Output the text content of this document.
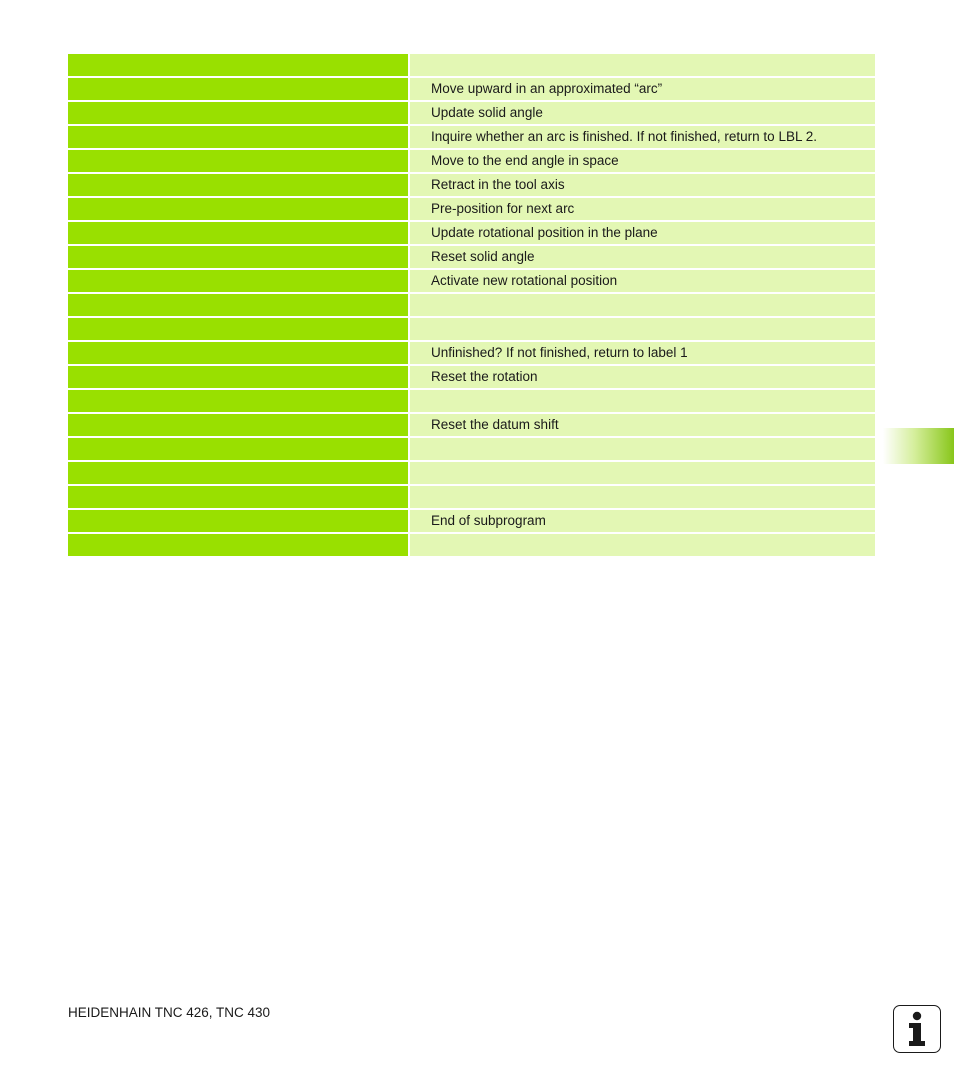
Move upward in an approximated “arc”
Update solid angle
Inquire whether an arc is finished. If not finished, return to LBL 2.
Move to the end angle in space
Retract in the tool axis
Pre-position for next arc
Update rotational position in the plane
Reset solid angle
Activate new rotational position
Unfinished? If not finished, return to label 1
Reset the rotation
Reset the datum shift
End of subprogram
HEIDENHAIN TNC 426, TNC 430
